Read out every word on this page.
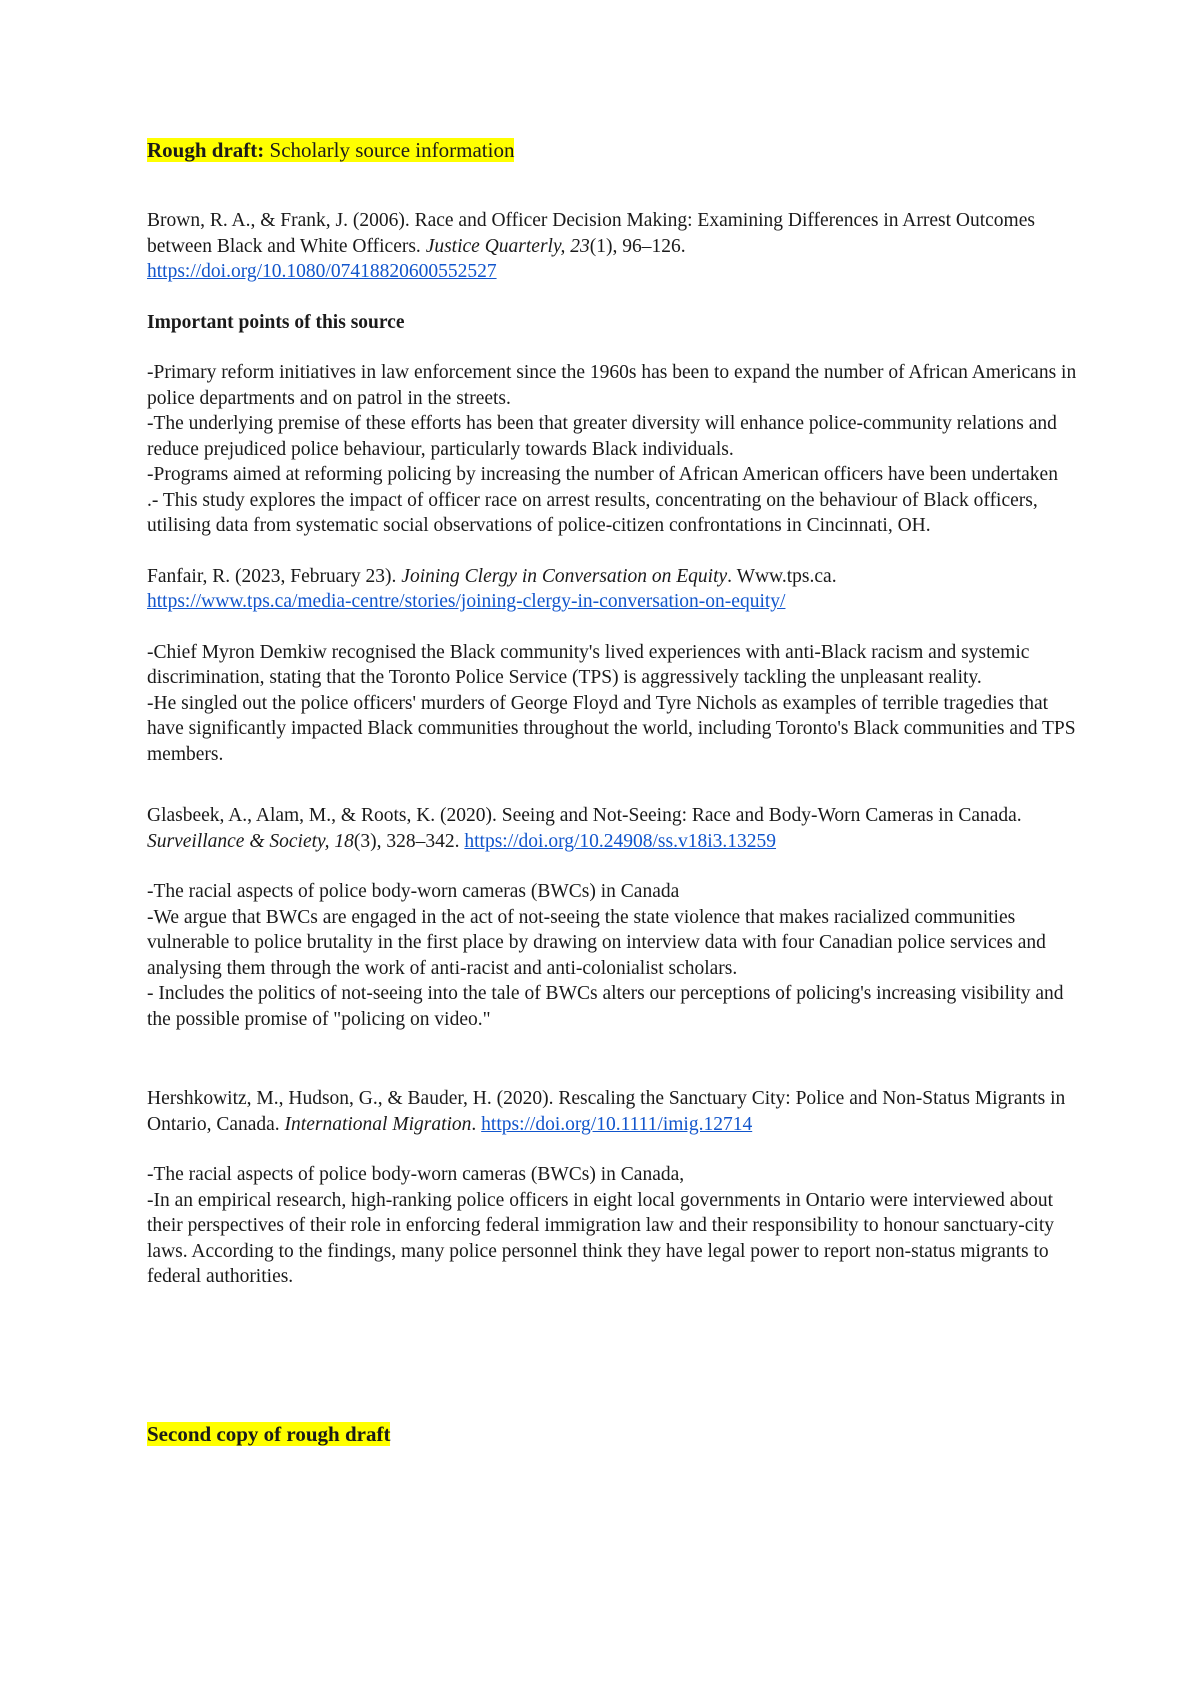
Rough draft: Scholarly source information

Brown, R. A., & Frank, J. (2006). Race and Officer Decision Making: Examining Differences in Arrest Outcomes between Black and White Officers. Justice Quarterly, 23(1), 96–126.
https://doi.org/10.1080/07418820600552527

Important points of this source

-Primary reform initiatives in law enforcement since the 1960s has been to expand the number of African Americans in police departments and on patrol in the streets.

-The underlying premise of these efforts has been that greater diversity will enhance police-community relations and reduce prejudiced police behaviour, particularly towards Black individuals.

-Programs aimed at reforming policing by increasing the number of African American officers have been undertaken

.- This study explores the impact of officer race on arrest results, concentrating on the behaviour of Black officers, utilising data from systematic social observations of police-citizen confrontations in Cincinnati, OH.

Fanfair, R. (2023, February 23). Joining Clergy in Conversation on Equity. Www.tps.ca.
https://www.tps.ca/media-centre/stories/joining-clergy-in-conversation-on-equity/

-Chief Myron Demkiw recognised the Black community's lived experiences with anti-Black racism and systemic discrimination, stating that the Toronto Police Service (TPS) is aggressively tackling the unpleasant reality.

-He singled out the police officers' murders of George Floyd and Tyre Nichols as examples of terrible tragedies that have significantly impacted Black communities throughout the world, including Toronto's Black communities and TPS members.

Glasbeek, A., Alam, M., & Roots, K. (2020). Seeing and Not-Seeing: Race and Body-Worn Cameras in Canada. Surveillance & Society, 18(3), 328–342. https://doi.org/10.24908/ss.v18i3.13259

-The racial aspects of police body-worn cameras (BWCs) in Canada

-We argue that BWCs are engaged in the act of not-seeing the state violence that makes racialized communities vulnerable to police brutality in the first place by drawing on interview data with four Canadian police services and analysing them through the work of anti-racist and anti-colonialist scholars.

- Includes the politics of not-seeing into the tale of BWCs alters our perceptions of policing's increasing visibility and the possible promise of "policing on video."

Hershkowitz, M., Hudson, G., & Bauder, H. (2020). Rescaling the Sanctuary City: Police and Non-Status Migrants in Ontario, Canada. International Migration. https://doi.org/10.1111/imig.12714

-The racial aspects of police body-worn cameras (BWCs) in Canada,

-In an empirical research, high-ranking police officers in eight local governments in Ontario were interviewed about their perspectives of their role in enforcing federal immigration law and their responsibility to honour sanctuary-city laws. According to the findings, many police personnel think they have legal power to report non-status migrants to federal authorities.

Second copy of rough draft
